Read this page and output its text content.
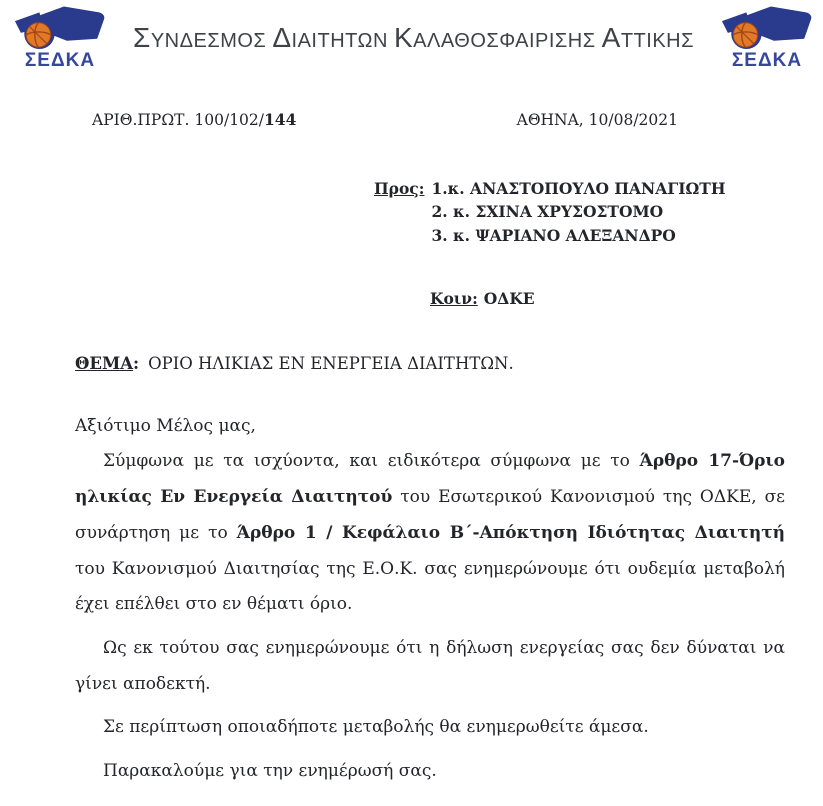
ΣΕΔΚΑ
ΣΥΝΔΕΣΜΟΣ ΔΙΑΙΤΗΤΩΝ ΚΑΛΑΘΟΣΦΑΙΡΙΣΗΣ ΑΤΤΙΚΗΣ
ΣΕΔΚΑ
ΑΡΙΘ.ΠΡΩΤ. 100/102/144	ΑΘΗΝΑ, 10/08/2021
Προς: 1.κ. ΑΝΑΣΤΟΠΟΥΛΟ ΠΑΝΑΓΙΩΤΗ
2. κ. ΣΧΙΝΑ ΧΡΥΣΟΣΤΟΜΟ
3. κ. ΨΑΡΙΑΝΟ ΑΛΕΞΑΝΔΡΟ
Κοιν: ΟΔΚΕ
ΘΕΜΑ: ΟΡΙΟ ΗΛΙΚΙΑΣ ΕΝ ΕΝΕΡΓΕΙΑ ΔΙΑΙΤΗΤΩΝ.
Αξιότιμο Μέλος μας,

Σύμφωνα με τα ισχύοντα, και ειδικότερα σύμφωνα με το Άρθρο 17-Όριο ηλικίας Εν Ενεργεία Διαιτητού του Εσωτερικού Κανονισμού της ΟΔΚΕ, σε συνάρτηση με το Άρθρο 1 / Κεφάλαιο Β΄-Απόκτηση Ιδιότητας Διαιτητή του Κανονισμού Διαιτησίας της Ε.Ο.Κ. σας ενημερώνουμε ότι ουδεμία μεταβολή έχει επέλθει στο εν θέματι όριο.

Ως εκ τούτου σας ενημερώνουμε ότι η δήλωση ενεργείας σας δεν δύναται να γίνει αποδεκτή.

Σε περίπτωση οποιαδήποτε μεταβολής θα ενημερωθείτε άμεσα.

Παρακαλούμε για την ενημέρωσή σας.
